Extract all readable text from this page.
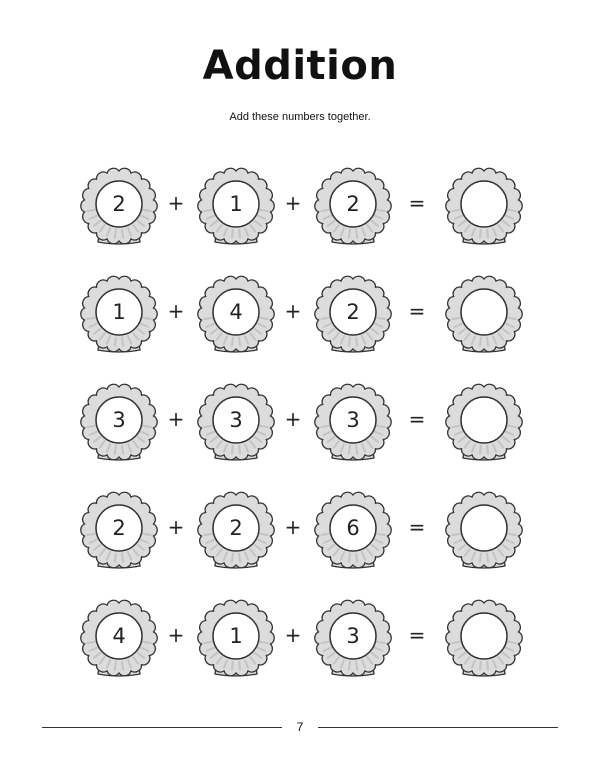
Addition
Add these numbers together.
2	+	1	+	2	=
1	+	4	+	2	=
3	+	3	+	3	=
2	+	2	+	6	=
4	+	1	+	3	=
7
